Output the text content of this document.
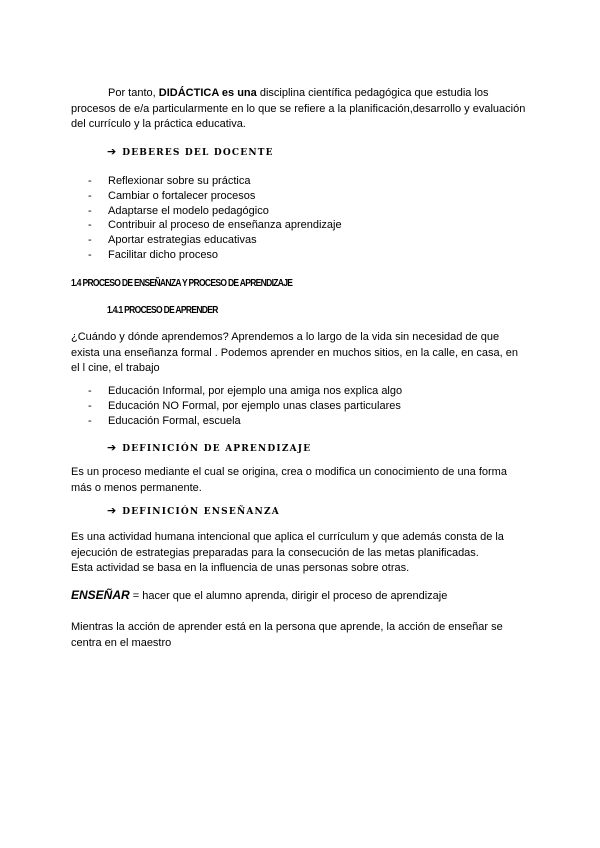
Por tanto, DIDÁCTICA es una disciplina científica pedagógica que estudia los procesos de e/a particularmente en lo que se refiere a la planificación,desarrollo y evaluación del currículo y la práctica educativa.
➔ DEBERES DEL DOCENTE
- Reflexionar sobre su práctica
- Cambiar o fortalecer procesos
- Adaptarse el modelo pedagógico
- Contribuir al proceso de enseñanza aprendizaje
- Aportar estrategias educativas
- Facilitar dicho proceso
1.4 PROCESO DE ENSEÑANZA Y PROCESO DE APRENDIZAJE
1.4.1 PROCESO DE APRENDER
¿Cuándo y dónde aprendemos? Aprendemos a lo largo de la vida sin necesidad de que exista una enseñanza formal . Podemos aprender en muchos sitios, en la calle, en casa, en el l cine, el trabajo
- Educación Informal, por ejemplo una amiga nos explica algo
- Educación NO Formal, por ejemplo unas clases particulares
- Educación Formal, escuela
➔ DEFINICIÓN DE APRENDIZAJE
Es un proceso mediante el cual se origina, crea o modifica un conocimiento de una forma más o menos permanente.
➔ DEFINICIÓN ENSEÑANZA
Es una actividad humana intencional que aplica el currículum y que además consta de la ejecución de estrategias preparadas para la consecución de las metas planificadas.
Esta actividad se basa en la influencia de unas personas sobre otras.
ENSEÑAR = hacer que el alumno aprenda, dirigir el proceso de aprendizaje
Mientras la acción de aprender está en la persona que aprende, la acción de enseñar se centra en el maestro
